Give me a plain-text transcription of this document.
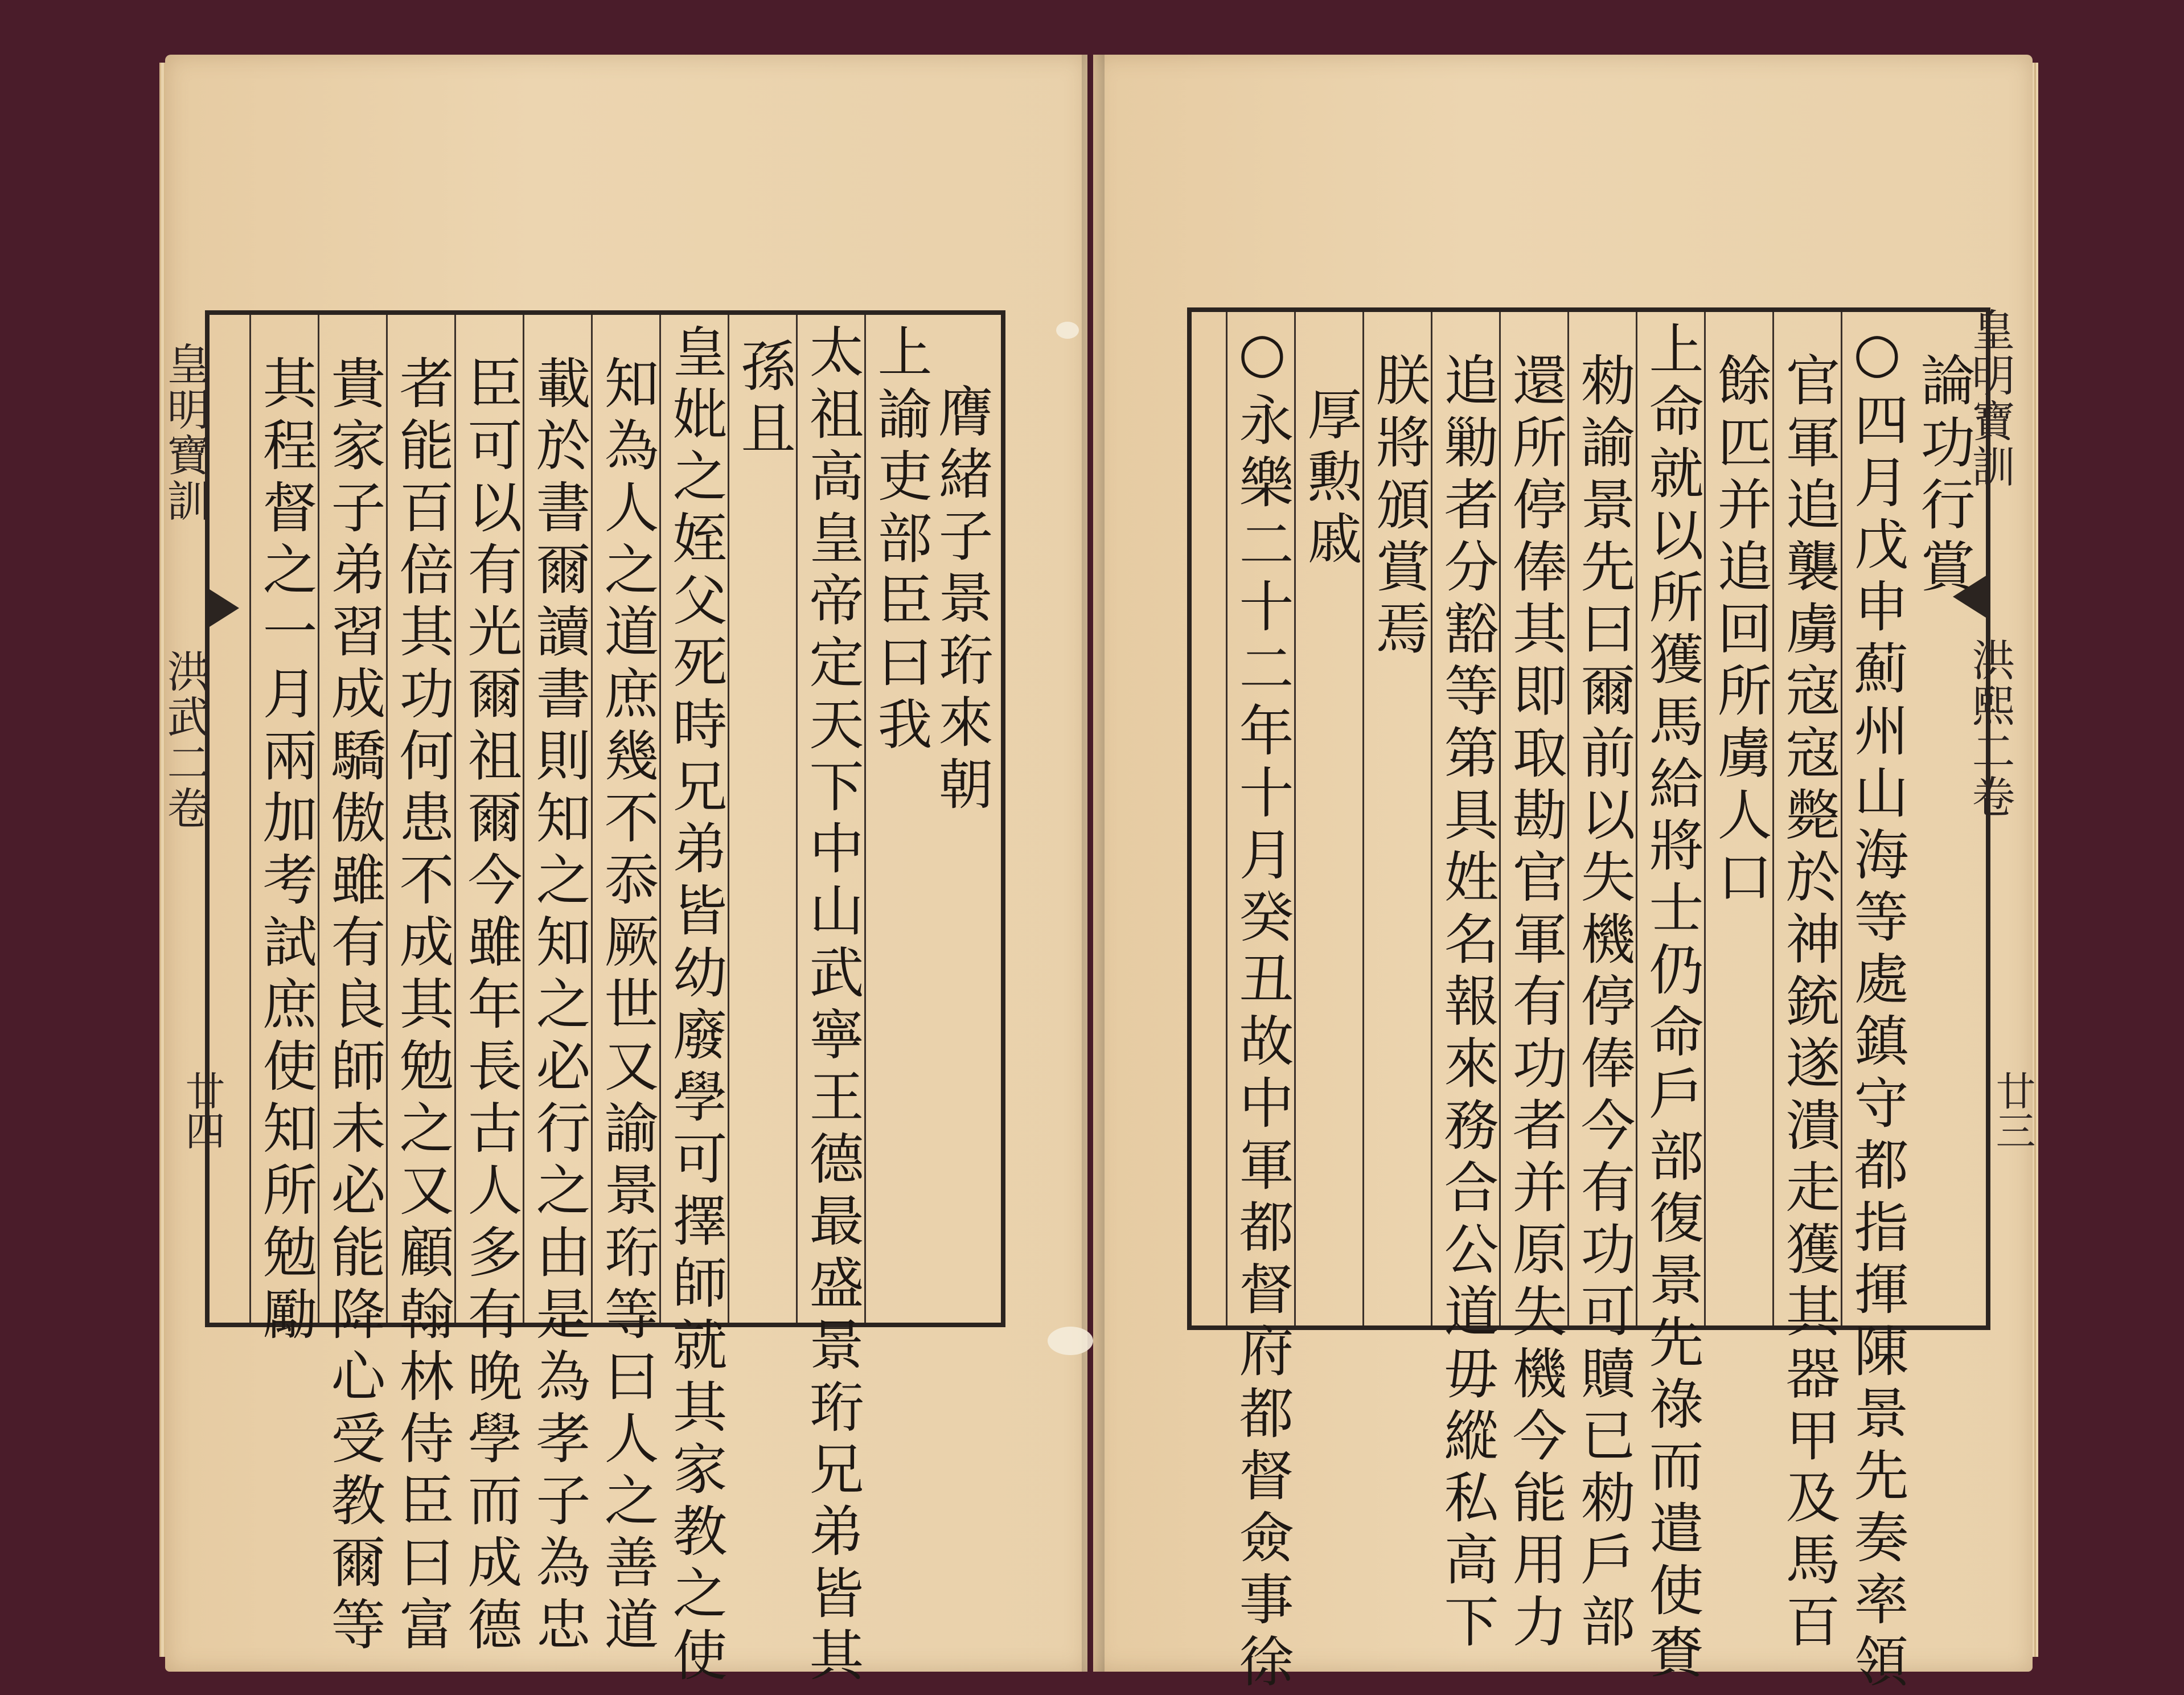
皇明寶訓
洪武二卷
廿四
膺緒子景珩來朝
上諭吏部臣曰我
太祖高皇帝定天下中山武寧王德最盛景珩兄弟皆其
孫且
皇妣之姪父死時兄弟皆幼廢學可擇師就其家教之使
知為人之道庶幾不忝厥世又諭景珩等曰人之善道
載於書爾讀書則知之知之必行之由是為孝子為忠
臣可以有光爾祖爾今雖年長古人多有晚學而成德
者能百倍其功何患不成其勉之又顧翰林侍臣曰富
貴家子弟習成驕傲雖有良師未必能降心受教爾等
其程督之一月兩加考試庶使知所勉勵	論功行賞
○四月戊申薊州山海等處鎮守都指揮陳景先奏率領
官軍追襲虜寇寇斃於神銃遂潰走獲其器甲及馬百
餘匹并追回所虜人口
上命就以所獲馬給將士仍命戶部復景先祿而遣使賚
勑諭景先曰爾前以失機停俸今有功可贖已勑戶部
還所停俸其即取勘官軍有功者并原失機今能用力
追勦者分豁等第具姓名報來務合公道毋縱私高下
朕將頒賞焉
厚勲戚
○永樂二十二年十月癸丑故中軍都督府都督僉事徐	皇明寶訓
洪熙二卷
廿三
